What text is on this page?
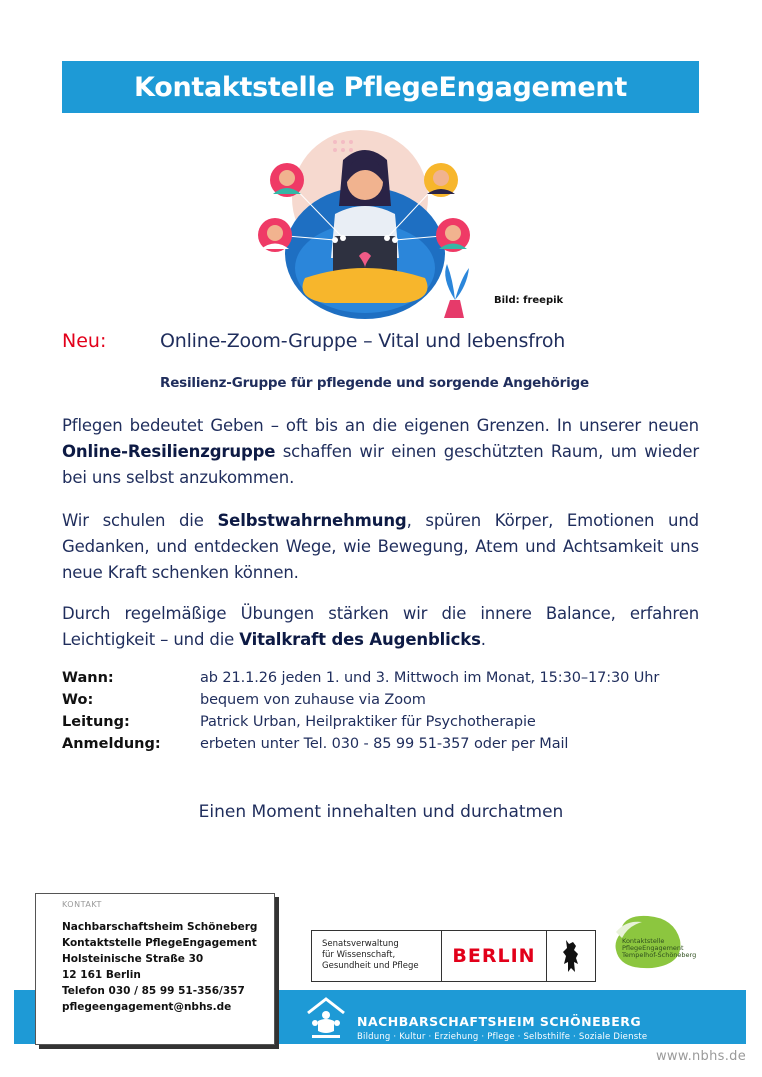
Kontaktstelle PflegeEngagement
Bild: freepik
Neu:	Online-Zoom-Gruppe – Vital und lebensfroh
Resilienz-Gruppe für pflegende und sorgende Angehörige

Pflegen bedeutet Geben – oft bis an die eigenen Grenzen. In unserer neuen Online-Resilienzgruppe schaffen wir einen geschützten Raum, um wieder bei uns selbst anzukommen.

Wir schulen die Selbstwahrnehmung, spüren Körper, Emotionen und Gedanken, und entdecken Wege, wie Bewegung, Atem und Achtsamkeit uns neue Kraft schenken können.

Durch regelmäßige Übungen stärken wir die innere Balance, erfahren Leichtigkeit – und die Vitalkraft des Augenblicks.

Wann:	ab 21.1.26 jeden 1. und 3. Mittwoch im Monat, 15:30–17:30 Uhr
Wo:	bequem von zuhause via Zoom
Leitung:	Patrick Urban, Heilpraktiker für Psychotherapie
Anmeldung:	erbeten unter Tel. 030 - 85 99 51-357 oder per Mail
Einen Moment innehalten und durchatmen
NACHBARSCHAFTSHEIM SCHÖNEBERG
Bildung · Kultur · Erziehung · Pflege · Selbsthilfe · Soziale Dienste
www.nbhs.de
KONTAKT
Nachbarschaftsheim Schöneberg
Kontaktstelle PflegeEngagement
Holsteinische Straße 30
12 161 Berlin
Telefon 030 / 85 99 51-356/357
pflegeengagement@nbhs.de
Senatsverwaltung
für Wissenschaft,
Gesundheit und Pflege	BERLIN
Kontaktstelle
PflegeEngagement
Tempelhof-Schöneberg
